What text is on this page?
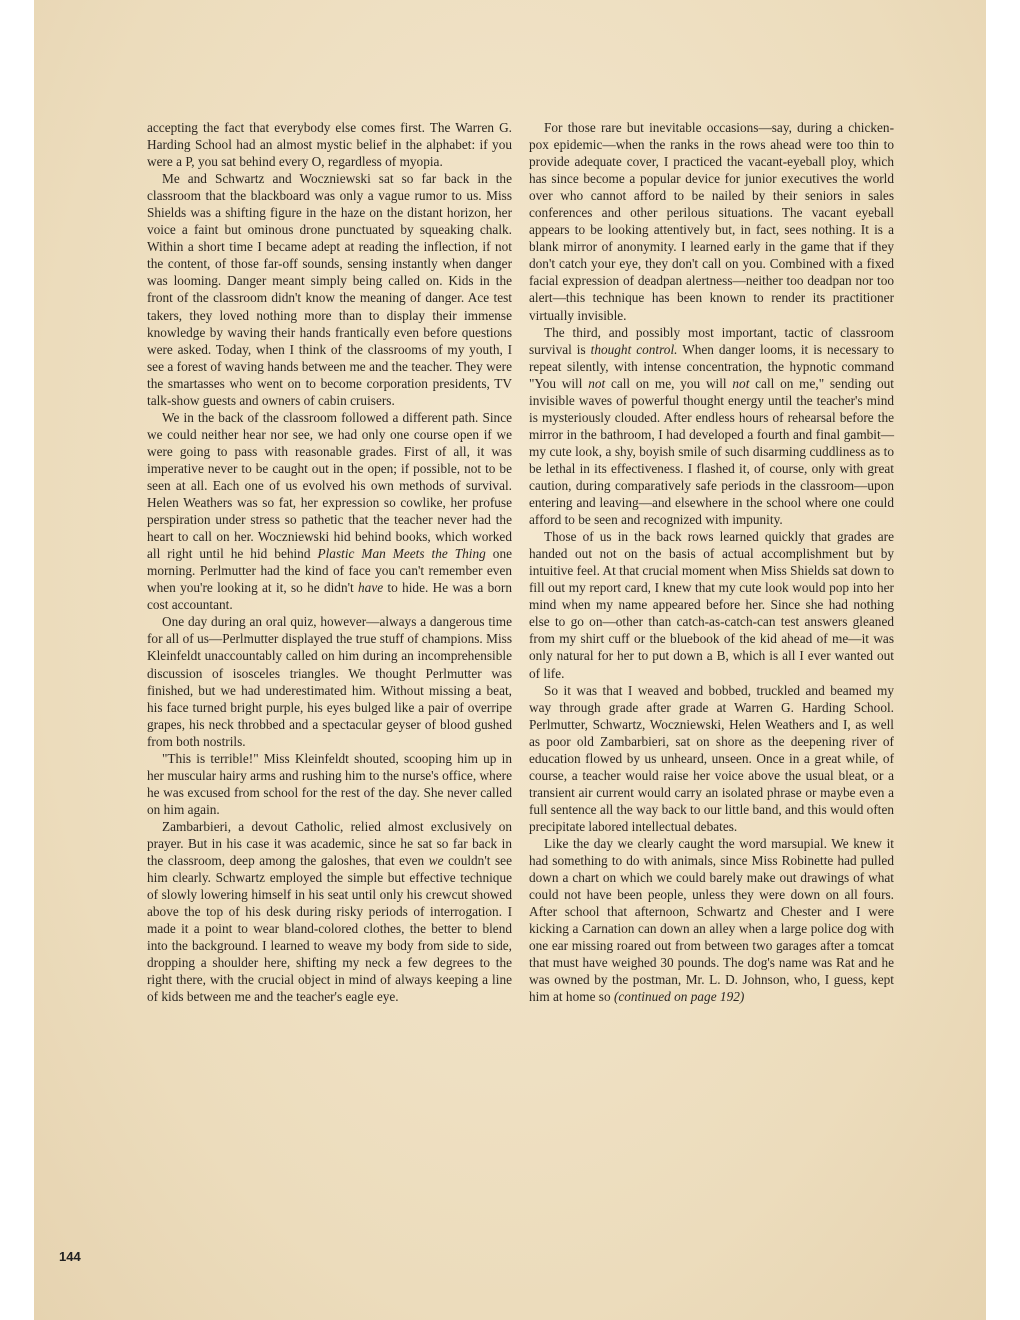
accepting the fact that everybody else comes first. The Warren G. Harding School had an almost mystic belief in the alphabet: if you were a P, you sat behind every O, regardless of myopia.

Me and Schwartz and Woczniewski sat so far back in the classroom that the blackboard was only a vague rumor to us. Miss Shields was a shifting figure in the haze on the distant horizon, her voice a faint but ominous drone punctuated by squeaking chalk. Within a short time I became adept at reading the inflection, if not the content, of those far-off sounds, sensing instantly when danger was looming. Danger meant simply being called on. Kids in the front of the classroom didn't know the meaning of danger. Ace test takers, they loved nothing more than to display their immense knowledge by waving their hands frantically even before questions were asked. Today, when I think of the classrooms of my youth, I see a forest of waving hands between me and the teacher. They were the smartasses who went on to become corporation presidents, TV talk-show guests and owners of cabin cruisers.

We in the back of the classroom followed a different path. Since we could neither hear nor see, we had only one course open if we were going to pass with reasonable grades. First of all, it was imperative never to be caught out in the open; if possible, not to be seen at all. Each one of us evolved his own methods of survival. Helen Weathers was so fat, her expression so cowlike, her profuse perspiration under stress so pathetic that the teacher never had the heart to call on her. Woczniewski hid behind books, which worked all right until he hid behind Plastic Man Meets the Thing one morning. Perlmutter had the kind of face you can't remember even when you're looking at it, so he didn't have to hide. He was a born cost accountant.

One day during an oral quiz, however—always a dangerous time for all of us—Perlmutter displayed the true stuff of champions. Miss Kleinfeldt unaccountably called on him during an incomprehensible discussion of isosceles triangles. We thought Perlmutter was finished, but we had underestimated him. Without missing a beat, his face turned bright purple, his eyes bulged like a pair of overripe grapes, his neck throbbed and a spectacular geyser of blood gushed from both nostrils.

"This is terrible!" Miss Kleinfeldt shouted, scooping him up in her muscular hairy arms and rushing him to the nurse's office, where he was excused from school for the rest of the day. She never called on him again.

Zambarbieri, a devout Catholic, relied almost exclusively on prayer. But in his case it was academic, since he sat so far back in the classroom, deep among the galoshes, that even we couldn't see him clearly. Schwartz employed the simple but effective technique of slowly lowering himself in his seat until only his crewcut showed above the top of his desk during risky periods of interrogation. I made it a point to wear bland-colored clothes, the better to blend into the background. I learned to weave my body from side to side, dropping a shoulder here, shifting my neck a few degrees to the right there, with the crucial object in mind of always keeping a line of kids between me and the teacher's eagle eye.

For those rare but inevitable occasions—say, during a chicken-pox epidemic—when the ranks in the rows ahead were too thin to provide adequate cover, I practiced the vacant-eyeball ploy, which has since become a popular device for junior executives the world over who cannot afford to be nailed by their seniors in sales conferences and other perilous situations. The vacant eyeball appears to be looking attentively but, in fact, sees nothing. It is a blank mirror of anonymity. I learned early in the game that if they don't catch your eye, they don't call on you. Combined with a fixed facial expression of deadpan alertness—neither too deadpan nor too alert—this technique has been known to render its practitioner virtually invisible.

The third, and possibly most important, tactic of classroom survival is thought control. When danger looms, it is necessary to repeat silently, with intense concentration, the hypnotic command "You will not call on me, you will not call on me," sending out invisible waves of powerful thought energy until the teacher's mind is mysteriously clouded. After endless hours of rehearsal before the mirror in the bathroom, I had developed a fourth and final gambit—my cute look, a shy, boyish smile of such disarming cuddliness as to be lethal in its effectiveness. I flashed it, of course, only with great caution, during comparatively safe periods in the classroom—upon entering and leaving—and elsewhere in the school where one could afford to be seen and recognized with impunity.

Those of us in the back rows learned quickly that grades are handed out not on the basis of actual accomplishment but by intuitive feel. At that crucial moment when Miss Shields sat down to fill out my report card, I knew that my cute look would pop into her mind when my name appeared before her. Since she had nothing else to go on—other than catch-as-catch-can test answers gleaned from my shirt cuff or the bluebook of the kid ahead of me—it was only natural for her to put down a B, which is all I ever wanted out of life.

So it was that I weaved and bobbed, truckled and beamed my way through grade after grade at Warren G. Harding School. Perlmutter, Schwartz, Woczniewski, Helen Weathers and I, as well as poor old Zambarbieri, sat on shore as the deepening river of education flowed by us unheard, unseen. Once in a great while, of course, a teacher would raise her voice above the usual bleat, or a transient air current would carry an isolated phrase or maybe even a full sentence all the way back to our little band, and this would often precipitate labored intellectual debates.

Like the day we clearly caught the word marsupial. We knew it had something to do with animals, since Miss Robinette had pulled down a chart on which we could barely make out drawings of what could not have been people, unless they were down on all fours. After school that afternoon, Schwartz and Chester and I were kicking a Carnation can down an alley when a large police dog with one ear missing roared out from between two garages after a tomcat that must have weighed 30 pounds. The dog's name was Rat and he was owned by the postman, Mr. L. D. Johnson, who, I guess, kept him at home so (continued on page 192)

144
